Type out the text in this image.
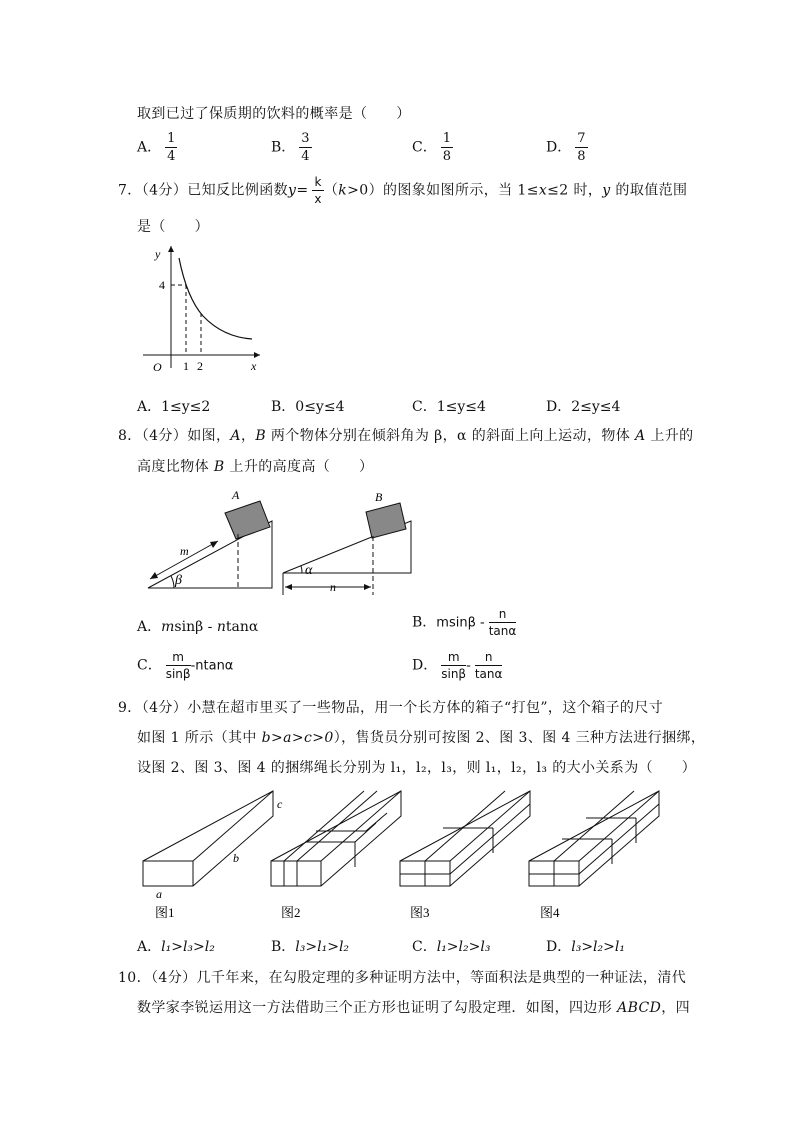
取到已过了保质期的饮料的概率是（　　）
A． $\frac{1}{4}$	B． $\frac{3}{4}$	C． $\frac{1}{8}$	D． $\frac{7}{8}$
7．（4分）已知反比例函数$y= \frac{k}{x} (k>0)$的图象如图所示，当 1≤x≤2 时，y 的取值范围
是（　　）
y
x
O
4
1 2
A．1≤y≤2	B．0≤y≤4	C．1≤y≤4	D．2≤y≤4
8．（4分）如图，A，B 两个物体分别在倾斜角为 β，α 的斜面上向上运动，物体 A 上升的
高度比物体 B 上升的高度高（　　）
A
m
β
B
α
n
A．msinβ - ntanα	B．msinβ - $\frac{n}{\tan\alpha}$
C． $\frac{m}{\sin\beta} -ntan\alpha$	D． $\frac{m}{\sin\beta} - \frac{n}{\tan\alpha}$
9．（4分）小慧在超市里买了一些物品，用一个长方体的箱子“打包”，这个箱子的尺寸
如图 1 所示（其中 b>a>c>0），售货员分别可按图 2、图 3、图 4 三种方法进行捆绑，
设图 2、图 3、图 4 的捆绑绳长分别为 l₁，l₂，l₃，则 l₁，l₂，l₃ 的大小关系为（　　）
c
b
a
图1	图2	图3	图4
A．l₁>l₃>l₂	B．l₃>l₁>l₂	C．l₁>l₂>l₃	D．l₃>l₂>l₁
10．（4分）几千年来，在勾股定理的多种证明方法中，等面积法是典型的一种证法，清代
数学家李锐运用这一方法借助三个正方形也证明了勾股定理．如图，四边形 ABCD，四
